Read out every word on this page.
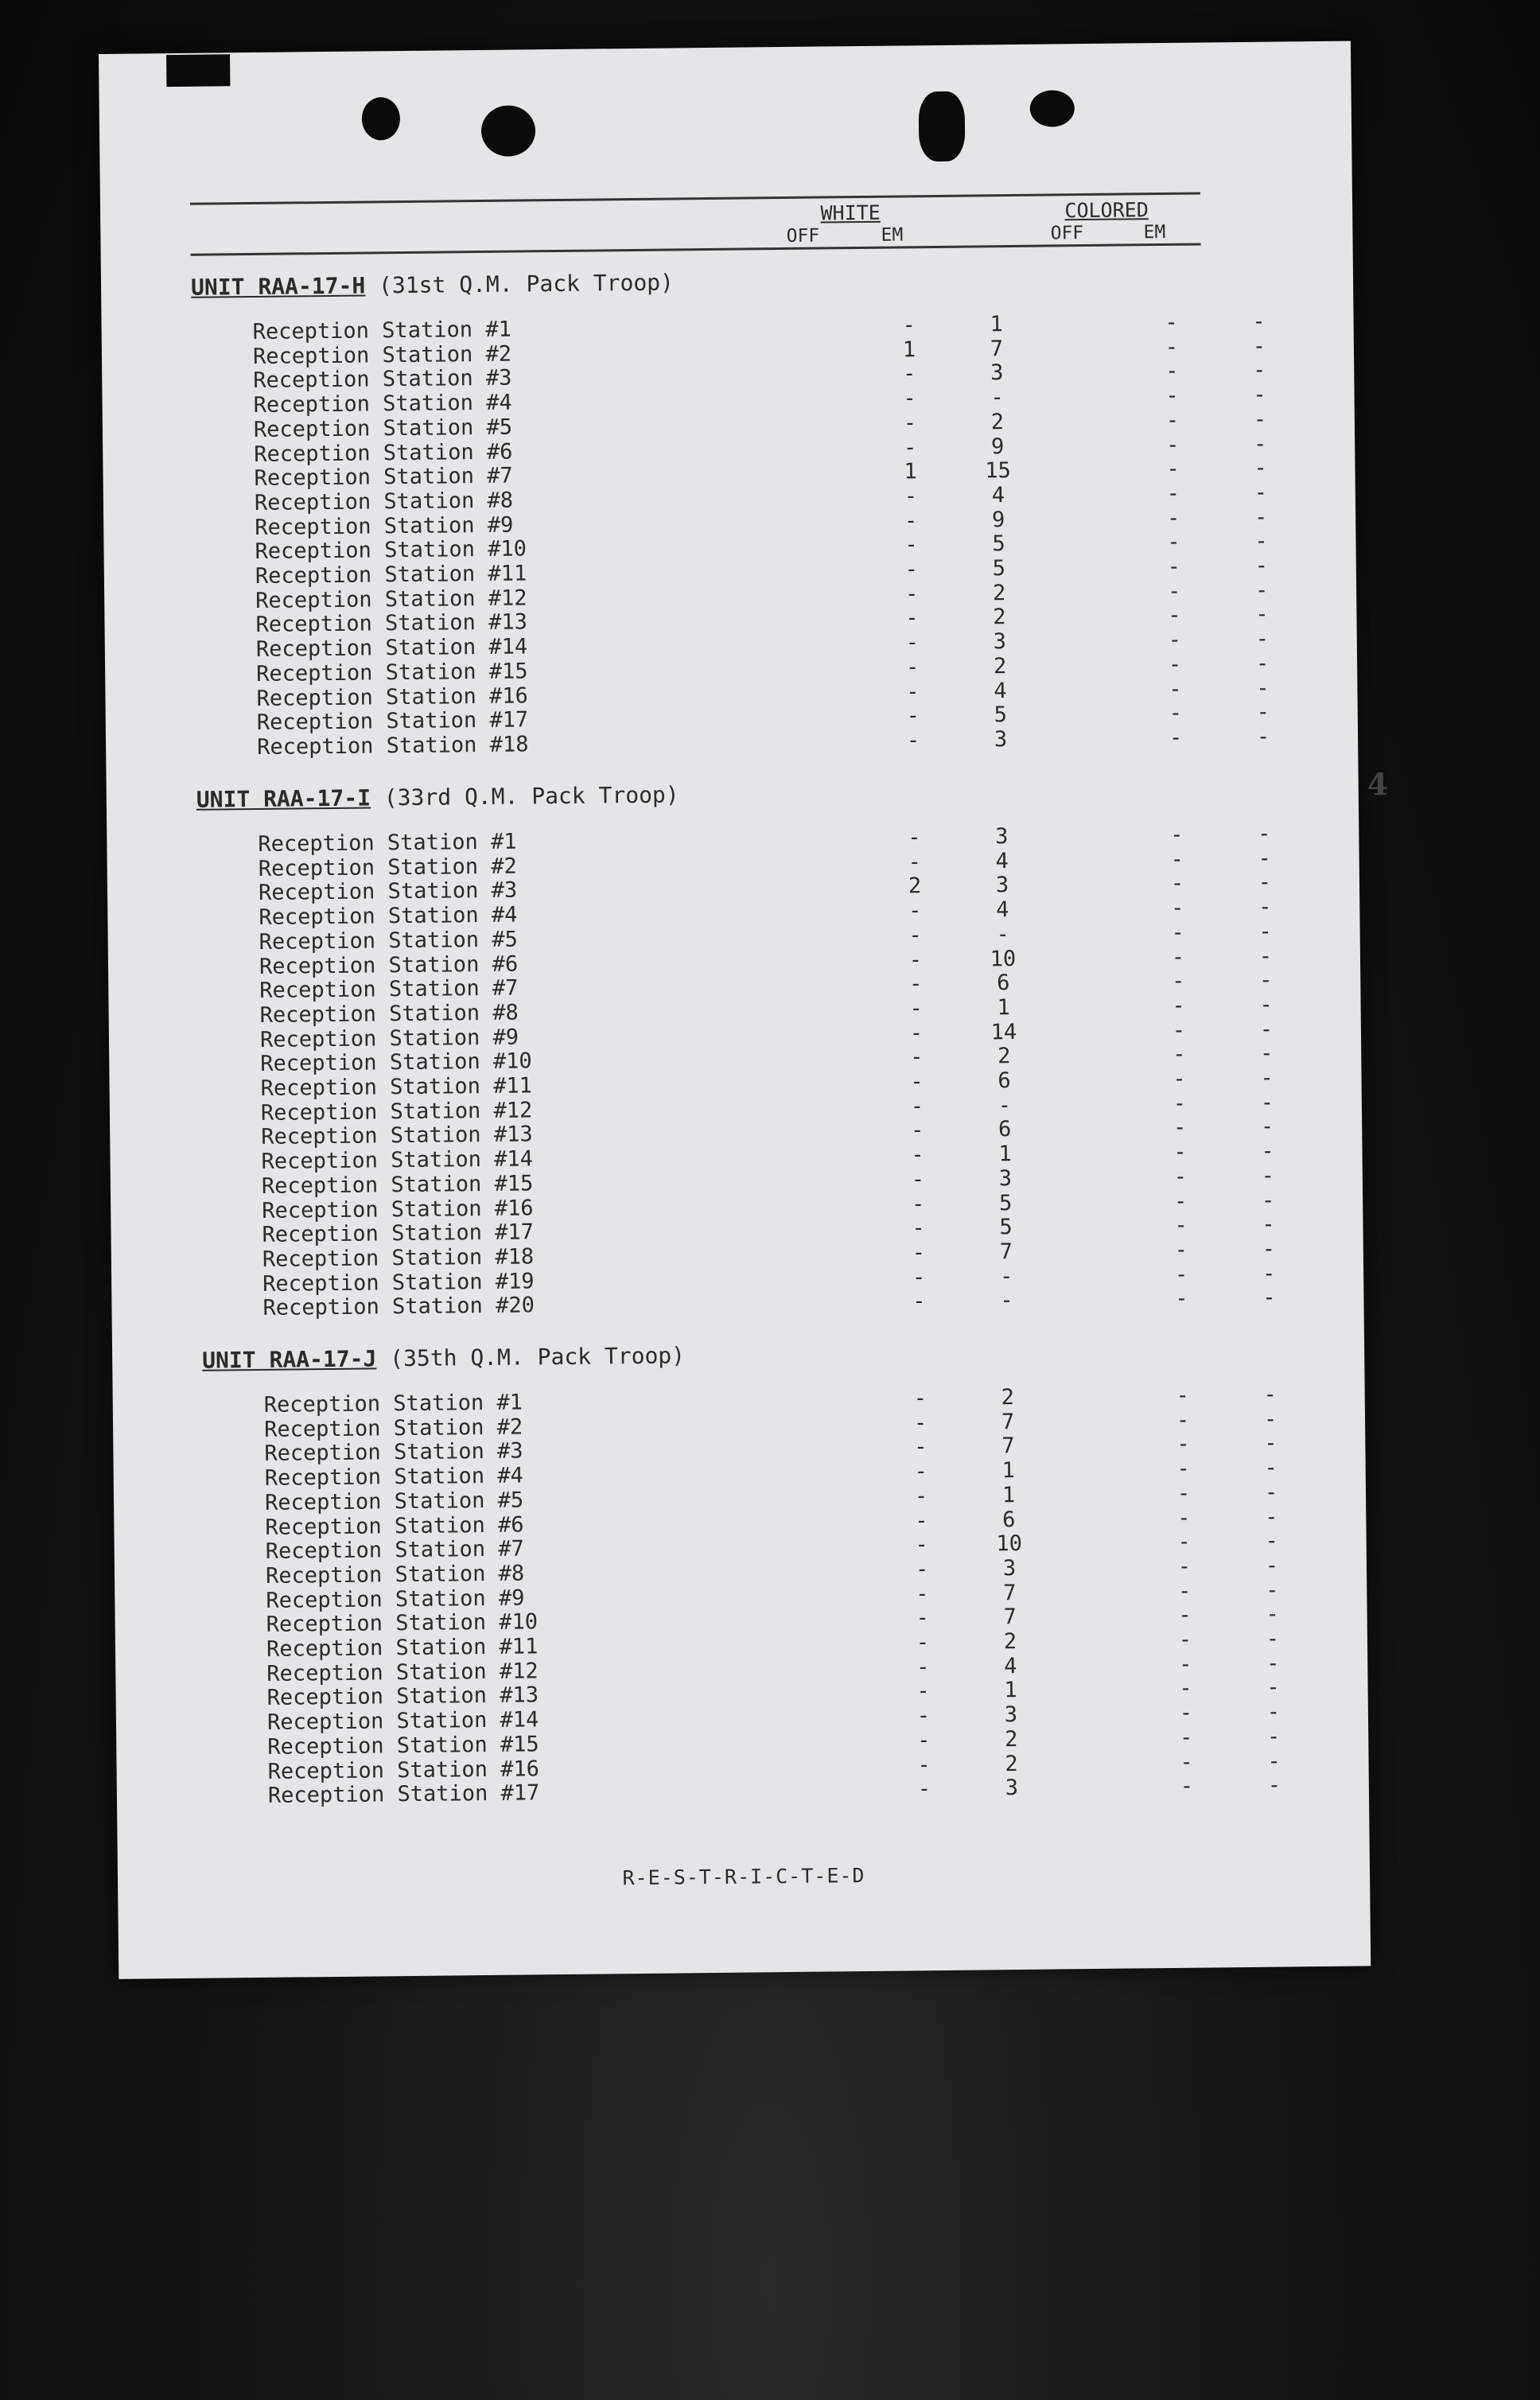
WHITE	COLORED
OFF	EM	OFF	EM
UNIT RAA-17-H (31st Q.M. Pack Troop)
Reception Station #1	-	1	-	-
Reception Station #2	1	7	-	-
Reception Station #3	-	3	-	-
Reception Station #4	-	-	-	-
Reception Station #5	-	2	-	-
Reception Station #6	-	9	-	-
Reception Station #7	1	15	-	-
Reception Station #8	-	4	-	-
Reception Station #9	-	9	-	-
Reception Station #10	-	5	-	-
Reception Station #11	-	5	-	-
Reception Station #12	-	2	-	-
Reception Station #13	-	2	-	-
Reception Station #14	-	3	-	-
Reception Station #15	-	2	-	-
Reception Station #16	-	4	-	-
Reception Station #17	-	5	-	-
Reception Station #18	-	3	-	-
UNIT RAA-17-I (33rd Q.M. Pack Troop)
Reception Station #1	-	3	-	-
Reception Station #2	-	4	-	-
Reception Station #3	2	3	-	-
Reception Station #4	-	4	-	-
Reception Station #5	-	-	-	-
Reception Station #6	-	10	-	-
Reception Station #7	-	6	-	-
Reception Station #8	-	1	-	-
Reception Station #9	-	14	-	-
Reception Station #10	-	2	-	-
Reception Station #11	-	6	-	-
Reception Station #12	-	-	-	-
Reception Station #13	-	6	-	-
Reception Station #14	-	1	-	-
Reception Station #15	-	3	-	-
Reception Station #16	-	5	-	-
Reception Station #17	-	5	-	-
Reception Station #18	-	7	-	-
Reception Station #19	-	-	-	-
Reception Station #20	-	-	-	-
UNIT RAA-17-J (35th Q.M. Pack Troop)
Reception Station #1	-	2	-	-
Reception Station #2	-	7	-	-
Reception Station #3	-	7	-	-
Reception Station #4	-	1	-	-
Reception Station #5	-	1	-	-
Reception Station #6	-	6	-	-
Reception Station #7	-	10	-	-
Reception Station #8	-	3	-	-
Reception Station #9	-	7	-	-
Reception Station #10	-	7	-	-
Reception Station #11	-	2	-	-
Reception Station #12	-	4	-	-
Reception Station #13	-	1	-	-
Reception Station #14	-	3	-	-
Reception Station #15	-	2	-	-
Reception Station #16	-	2	-	-
Reception Station #17	-	3	-	-
4
R-E-S-T-R-I-C-T-E-D
